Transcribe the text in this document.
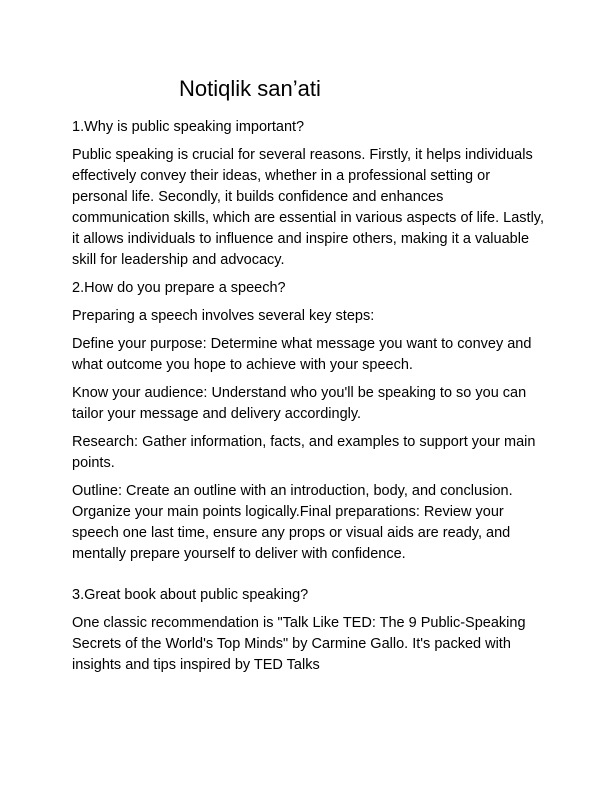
Notiqlik san’ati

1.Why is public speaking important?

Public speaking is crucial for several reasons. Firstly, it helps individuals effectively convey their ideas, whether in a professional setting or personal life. Secondly, it builds confidence and enhances communication skills, which are essential in various aspects of life. Lastly, it allows individuals to influence and inspire others, making it a valuable skill for leadership and advocacy.

2.How do you prepare a speech?

Preparing a speech involves several key steps:

Define your purpose: Determine what message you want to convey and what outcome you hope to achieve with your speech.

Know your audience: Understand who you'll be speaking to so you can tailor your message and delivery accordingly.

Research: Gather information, facts, and examples to support your main points.

Outline: Create an outline with an introduction, body, and conclusion. Organize your main points logically.Final preparations: Review your speech one last time, ensure any props or visual aids are ready, and mentally prepare yourself to deliver with confidence.

3.Great book about public speaking?

One classic recommendation is "Talk Like TED: The 9 Public-Speaking Secrets of the World's Top Minds" by Carmine Gallo. It's packed with insights and tips inspired by TED Talks
